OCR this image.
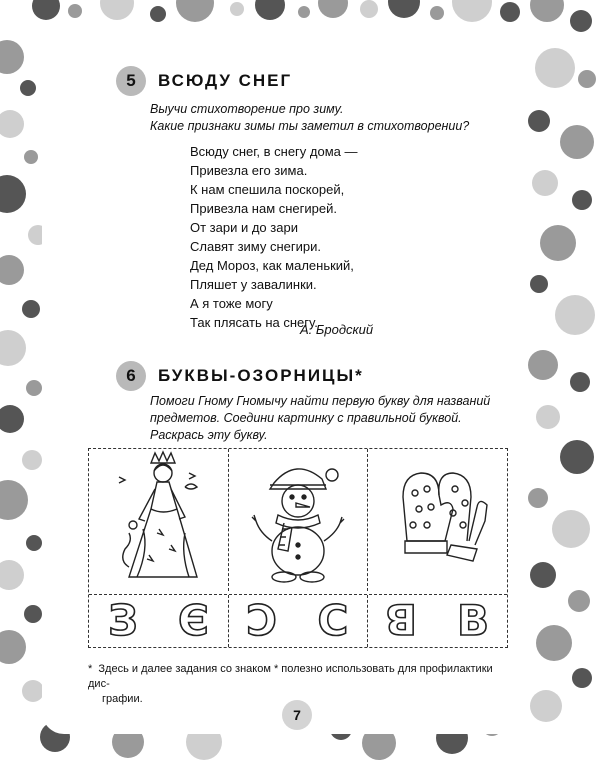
5	ВСЮДУ СНЕГ
Выучи стихотворение про зиму.
Какие признаки зимы ты заметил в стихотворении?
Всюду снег, в снегу дома —
Привезла его зима.
К нам спешила поскорей,
Привезла нам снегирей.
От зари и до зари
Славят зиму снегири.
Дед Мороз, как маленький,
Пляшет у завалинки.
А я тоже могу
Так плясать на снегу.
А. Бродский
6	БУКВЫ-ОЗОРНИЦЫ*
Помоги Гному Гномычу найти первую букву для названий
предметов. Соедини картинку с правильной буквой.
Раскрась эту букву.
З Є Ɔ С ꓭ В
* Здесь и далее задания со знаком * полезно использовать для профилактики дис-
графии.
7
